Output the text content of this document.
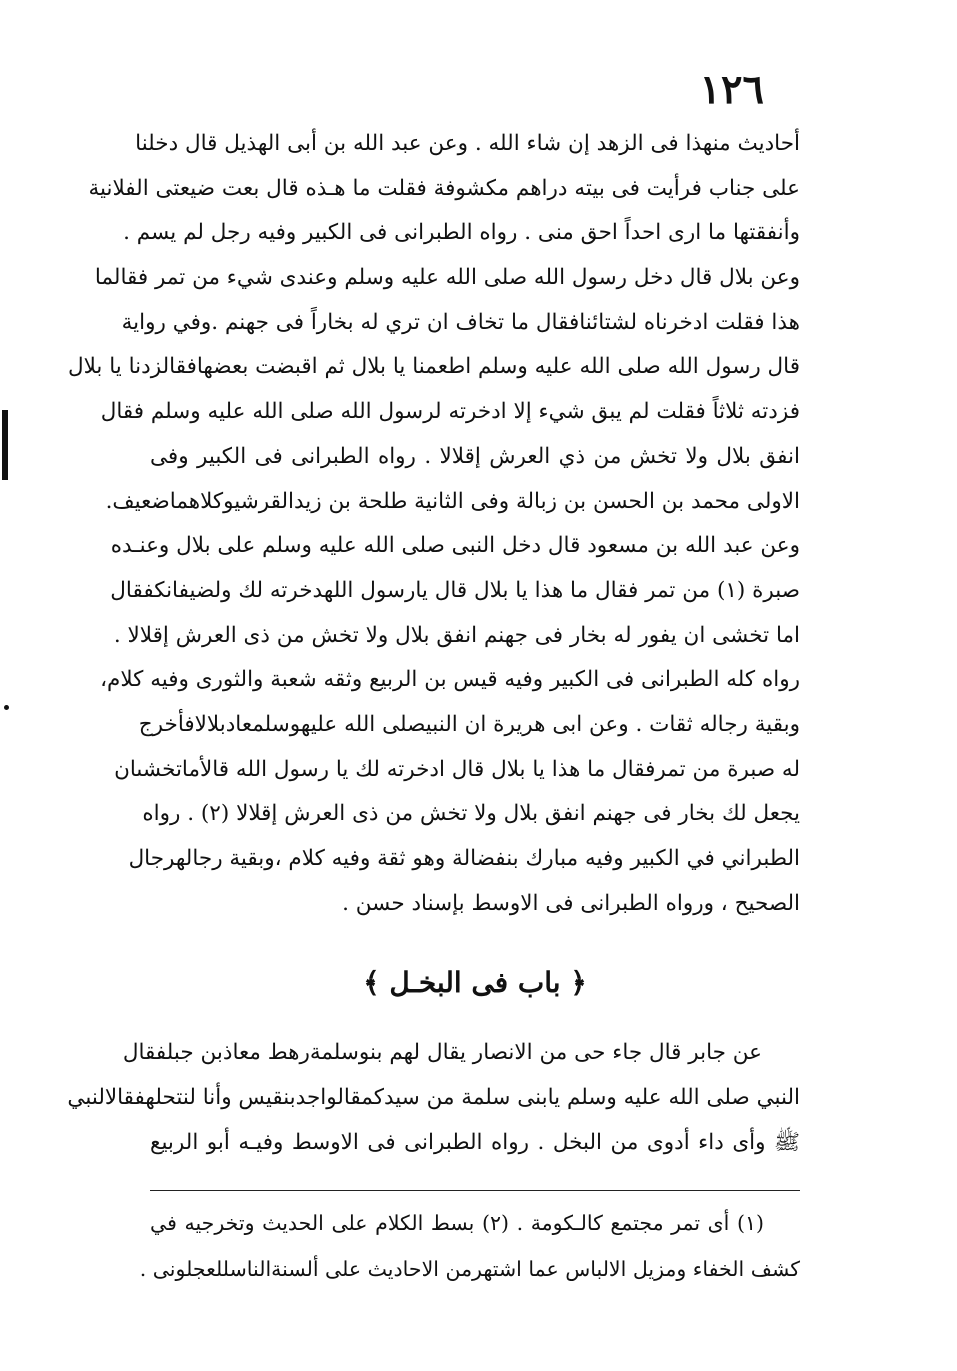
١٢٦
أحاديث منهذا فى الزهد إن شاء الله . وعن عبد الله بن أبى الهذيل قال دخلنا
على جناب فرأيت فى بيته دراهم مكشوفة فقلت ما هـذه قال بعت ضيعتى الفلانية
وأنفقتها ما ارى احداً احق منى . رواه الطبرانى فى الكبير وفيه رجل لم يسم .
وعن بلال قال دخل رسول الله صلى الله عليه وسلم وعندى شيء من تمر فقالما
هذا فقلت ادخرناه لشتائنافقال ما تخاف ان تري له بخاراً فى جهنم .وفي رواية
قال رسول الله صلى الله عليه وسلم اطعمنا يا بلال ثم اقبضت بعضهافقالزدنا يا بلال
فزدته ثلاثاً فقلت لم يبق شيء إلا ادخرته لرسول الله صلى الله عليه وسلم فقال
انفق بلال ولا تخش من ذي العرش إقلالا . رواه الطبرانى فى الكبير وفى
الاولى محمد بن الحسن بن زبالة وفى الثانية طلحة بن زيدالقرشيوكلاهماضعيف.
وعن عبد الله بن مسعود قال دخل النبى صلى الله عليه وسلم على بلال وعنـده
صبرة (١) من تمر فقال ما هذا يا بلال قال يارسول اللهدخرته لك ولضيفانكفقال
اما تخشى ان يفور له بخار فى جهنم انفق بلال ولا تخش من ذى العرش إقلالا .
رواه كله الطبرانى فى الكبير وفيه قيس بن الربيع وثقه شعبة والثورى وفيه كلام،
وبقية رجاله ثقات . وعن ابى هريرة ان النبيصلى الله عليهوسلمعادبلالافأخرج
له صبرة من تمرفقال ما هذا يا بلال قال ادخرته لك يا رسول الله قالأماتخشىان
يجعل لك بخار فى جهنم انفق بلال ولا تخش من ذى العرش إقلالا (٢) . رواه
الطبراني في الكبير وفيه مبارك بنفضالة وهو ثقة وفيه كلام ،وبقية رجالهرجال
الصحيح ، ورواه الطبرانى فى الاوسط بإسناد حسن .
﴿ باب فى البخـل ﴾
عن جابر قال جاء حى من الانصار يقال لهم بنوسلمةرهط معاذبن جبلفقال
النبي صلى الله عليه وسلم يابنى سلمة من سيدكمقالواجدبنقيس وأنا لنتحلهفقالالنبي
ﷺ وأى داء أدوى من البخل . رواه الطبرانى فى الاوسط وفيـه أبو الربيع
(١) أى تمر مجتمع كالـكومة . (٢) بسط الكلام على الحديث وتخرجيه في
كشف الخفاء ومزيل الالباس عما اشتهرمن الاحاديث على ألسنةالناسللعجلونى .
